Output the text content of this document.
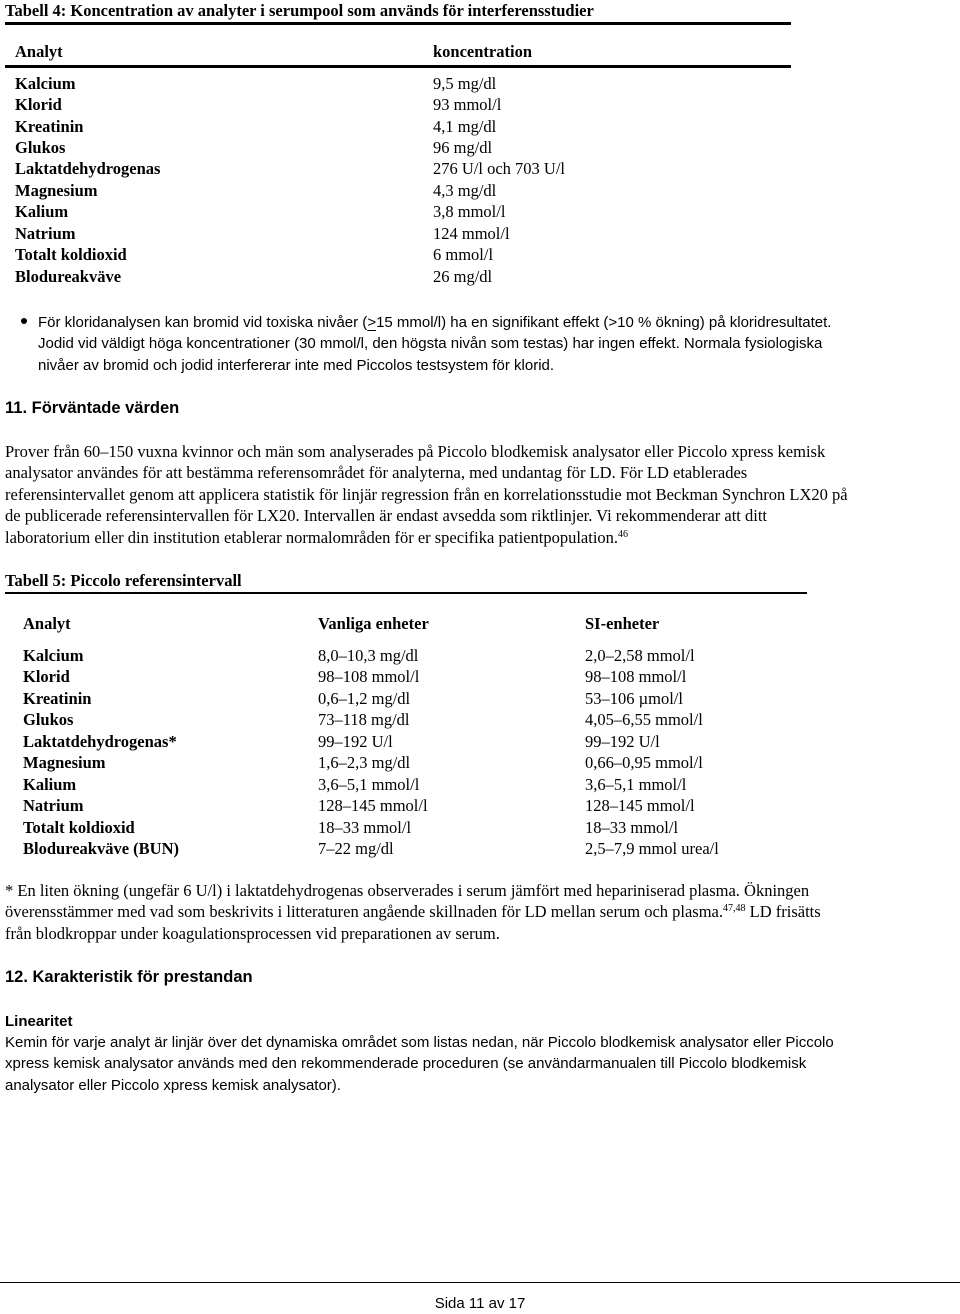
Tabell 4: Koncentration av analyter i serumpool som används för interferensstudier
Analyt	koncentration
Kalcium	9,5 mg/dl
Klorid	93 mmol/l
Kreatinin	4,1 mg/dl
Glukos	96 mg/dl
Laktatdehydrogenas	276 U/l och 703 U/l
Magnesium	4,3 mg/dl
Kalium	3,8 mmol/l
Natrium	124 mmol/l
Totalt koldioxid	6 mmol/l
Blodureakväve	26 mg/dl
För kloridanalysen kan bromid vid toxiska nivåer (≥15 mmol/l) ha en signifikant effekt (>10 % ökning) på kloridresultatet.
Jodid vid väldigt höga koncentrationer (30 mmol/l, den högsta nivån som testas) har ingen effekt. Normala fysiologiska
nivåer av bromid och jodid interfererar inte med Piccolos testsystem för klorid.
11. Förväntade värden
Prover från 60–150 vuxna kvinnor och män som analyserades på Piccolo blodkemisk analysator eller Piccolo xpress kemisk
analysator användes för att bestämma referensområdet för analyterna, med undantag för LD. För LD etablerades
referensintervallet genom att applicera statistik för linjär regression från en korrelationsstudie mot Beckman Synchron LX20 på
de publicerade referensintervallen för LX20. Intervallen är endast avsedda som riktlinjer. Vi rekommenderar att ditt
laboratorium eller din institution etablerar normalområden för er specifika patientpopulation.$^{46}$
Tabell 5: Piccolo referensintervall
Analyt	Vanliga enheter	SI-enheter
Kalcium	8,0–10,3 mg/dl	2,0–2,58 mmol/l
Klorid	98–108 mmol/l	98–108 mmol/l
Kreatinin	0,6–1,2 mg/dl	53–106 µmol/l
Glukos	73–118 mg/dl	4,05–6,55 mmol/l
Laktatdehydrogenas*	99–192 U/l	99–192 U/l
Magnesium	1,6–2,3 mg/dl	0,66–0,95 mmol/l
Kalium	3,6–5,1 mmol/l	3,6–5,1 mmol/l
Natrium	128–145 mmol/l	128–145 mmol/l
Totalt koldioxid	18–33 mmol/l	18–33 mmol/l
Blodureakväve (BUN)	7–22 mg/dl	2,5–7,9 mmol urea/l
* En liten ökning (ungefär 6 U/l) i laktatdehydrogenas observerades i serum jämfört med hepariniserad plasma. Ökningen
överensstämmer med vad som beskrivits i litteraturen angående skillnaden för LD mellan serum och plasma.$^{47,48}$ LD frisätts
från blodkroppar under koagulationsprocessen vid preparationen av serum.
12. Karakteristik för prestandan
Linearitet
Kemin för varje analyt är linjär över det dynamiska området som listas nedan, när Piccolo blodkemisk analysator eller Piccolo
xpress kemisk analysator används med den rekommenderade proceduren (se användarmanualen till Piccolo blodkemisk
analysator eller Piccolo xpress kemisk analysator).
Sida 11 av 17
